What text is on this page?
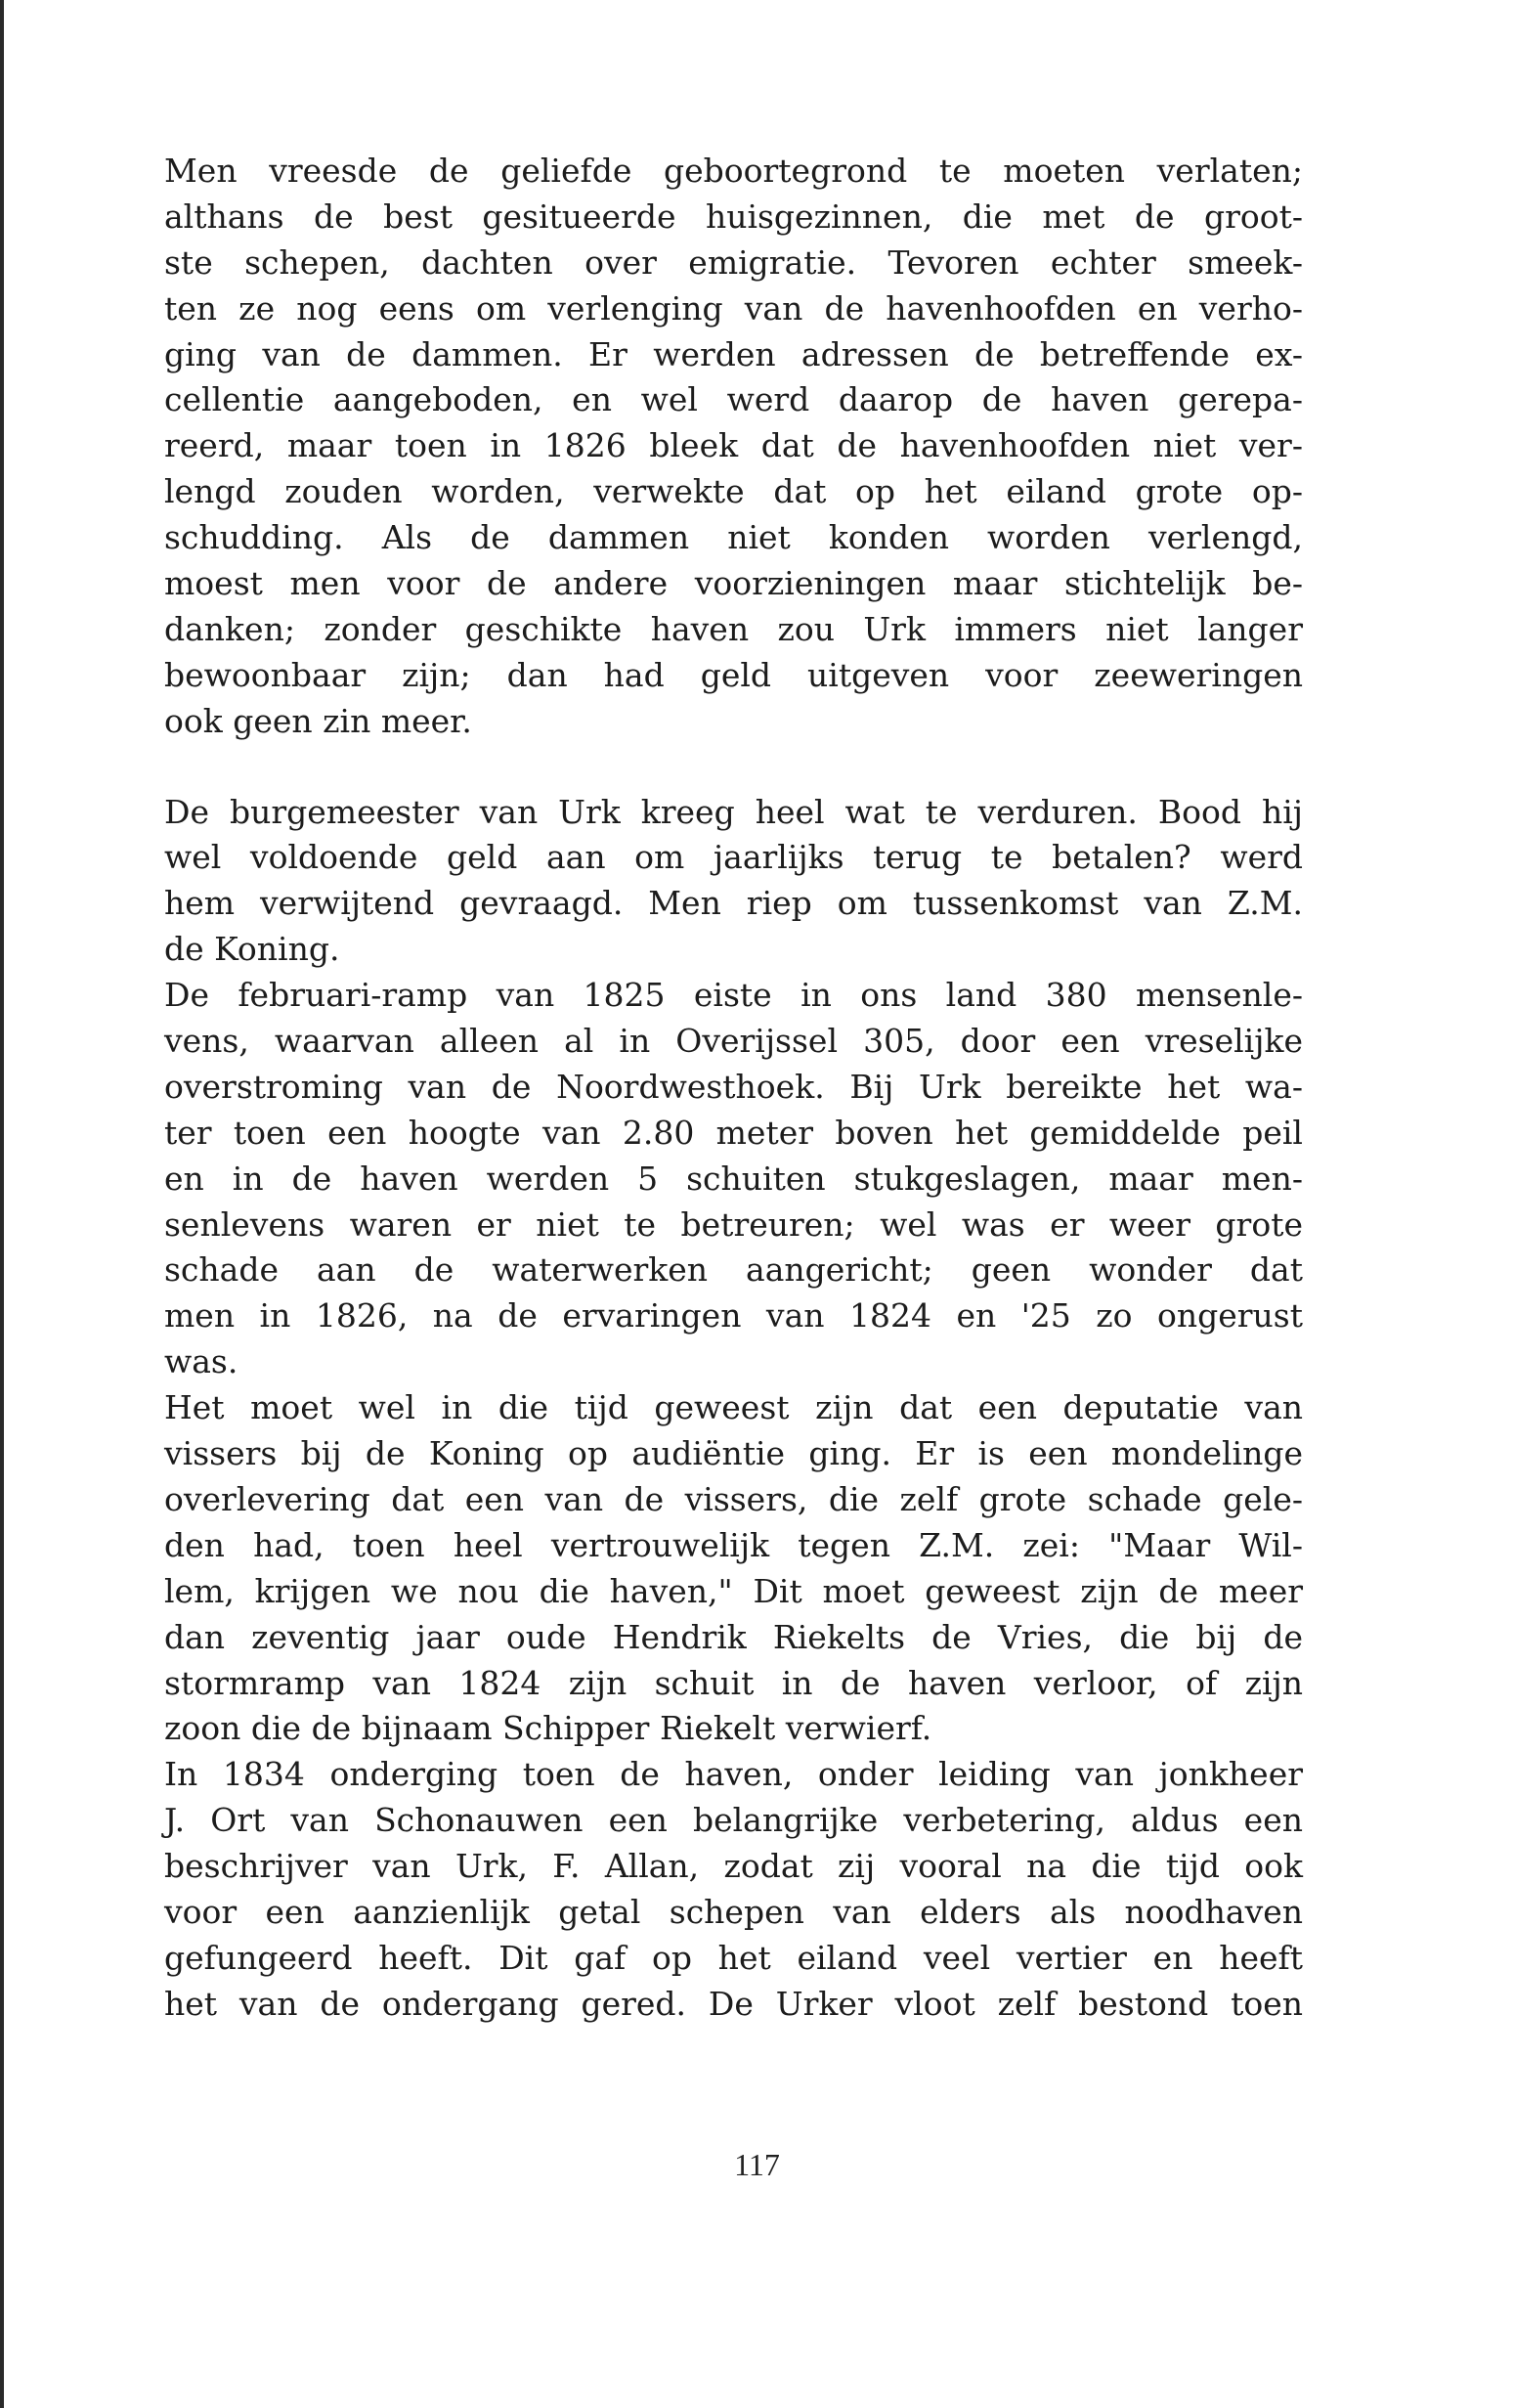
Men vreesde de geliefde geboortegrond te moeten verlaten;
althans de best gesitueerde huisgezinnen, die met de groot-
ste schepen, dachten over emigratie. Tevoren echter smeek-
ten ze nog eens om verlenging van de havenhoofden en verho-
ging van de dammen. Er werden adressen de betreffende ex-
cellentie aangeboden, en wel werd daarop de haven gerepa-
reerd, maar toen in 1826 bleek dat de havenhoofden niet ver-
lengd zouden worden, verwekte dat op het eiland grote op-
schudding. Als de dammen niet konden worden verlengd,
moest men voor de andere voorzieningen maar stichtelijk be-
danken; zonder geschikte haven zou Urk immers niet langer
bewoonbaar zijn; dan had geld uitgeven voor zeeweringen
ook geen zin meer.
De burgemeester van Urk kreeg heel wat te verduren. Bood hij
wel voldoende geld aan om jaarlijks terug te betalen? werd
hem verwijtend gevraagd. Men riep om tussenkomst van Z.M.
de Koning.
De februari-ramp van 1825 eiste in ons land 380 mensenle-
vens, waarvan alleen al in Overijssel 305, door een vreselijke
overstroming van de Noordwesthoek. Bij Urk bereikte het wa-
ter toen een hoogte van 2.80 meter boven het gemiddelde peil
en in de haven werden 5 schuiten stukgeslagen, maar men-
senlevens waren er niet te betreuren; wel was er weer grote
schade aan de waterwerken aangericht; geen wonder dat
men in 1826, na de ervaringen van 1824 en '25 zo ongerust
was.
Het moet wel in die tijd geweest zijn dat een deputatie van
vissers bij de Koning op audiëntie ging. Er is een mondelinge
overlevering dat een van de vissers, die zelf grote schade gele-
den had, toen heel vertrouwelijk tegen Z.M. zei: "Maar Wil-
lem, krijgen we nou die haven," Dit moet geweest zijn de meer
dan zeventig jaar oude Hendrik Riekelts de Vries, die bij de
stormramp van 1824 zijn schuit in de haven verloor, of zijn
zoon die de bijnaam Schipper Riekelt verwierf.
In 1834 onderging toen de haven, onder leiding van jonkheer
J. Ort van Schonauwen een belangrijke verbetering, aldus een
beschrijver van Urk, F. Allan, zodat zij vooral na die tijd ook
voor een aanzienlijk getal schepen van elders als noodhaven
gefungeerd heeft. Dit gaf op het eiland veel vertier en heeft
het van de ondergang gered. De Urker vloot zelf bestond toen
117
